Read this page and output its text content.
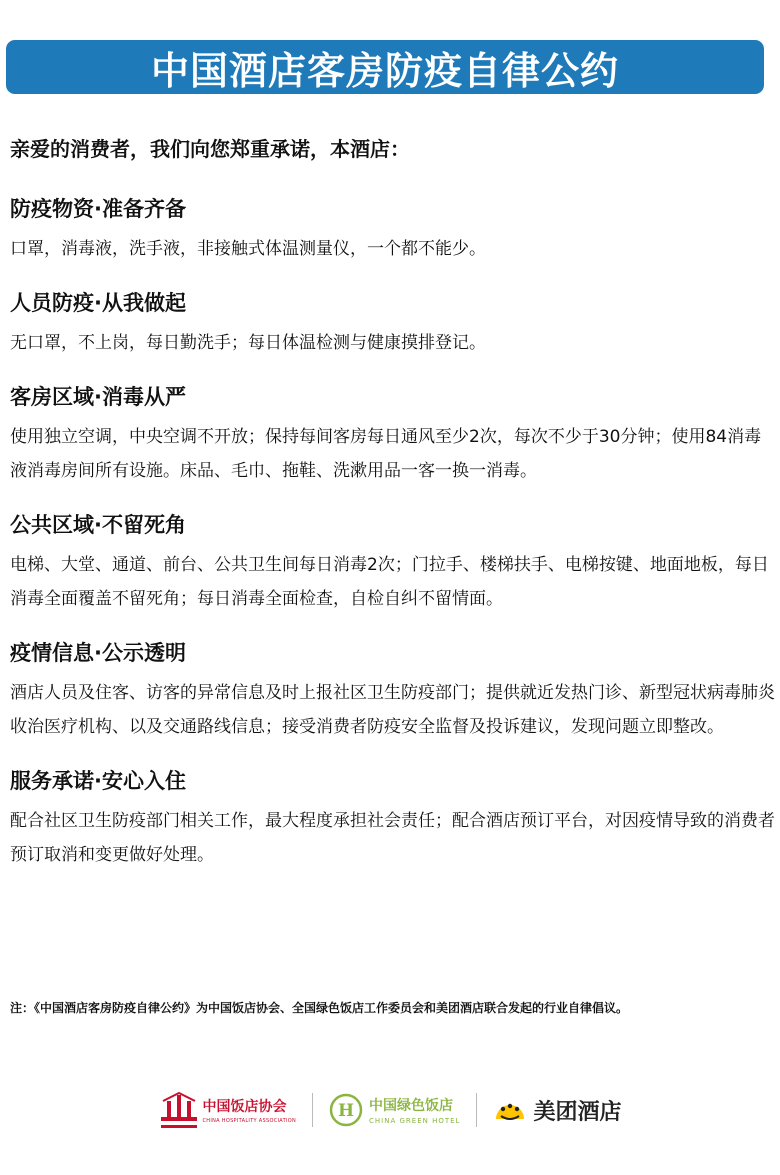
中国酒店客房防疫自律公约
亲爱的消费者，我们向您郑重承诺，本酒店：
防疫物资·准备齐备

口罩，消毒液，洗手液，非接触式体温测量仪，一个都不能少。

人员防疫·从我做起

无口罩，不上岗，每日勤洗手；每日体温检测与健康摸排登记。

客房区域·消毒从严

使用独立空调，中央空调不开放；保持每间客房每日通风至少2次，每次不少于30分钟；使用84消毒液消毒房间所有设施。床品、毛巾、拖鞋、洗漱用品一客一换一消毒。

公共区域·不留死角

电梯、大堂、通道、前台、公共卫生间每日消毒2次；门拉手、楼梯扶手、电梯按键、地面地板，每日消毒全面覆盖不留死角；每日消毒全面检查，自检自纠不留情面。

疫情信息·公示透明

酒店人员及住客、访客的异常信息及时上报社区卫生防疫部门；提供就近发热门诊、新型冠状病毒肺炎收治医疗机构、以及交通路线信息；接受消费者防疫安全监督及投诉建议，发现问题立即整改。

服务承诺·安心入住

配合社区卫生防疫部门相关工作，最大程度承担社会责任；配合酒店预订平台，对因疫情导致的消费者预订取消和变更做好处理。

注：《中国酒店客房防疫自律公约》为中国饭店协会、全国绿色饭店工作委员会和美团酒店联合发起的行业自律倡议。
中国饭店协会
CHINA HOSPITALITY ASSOCIATION H 中国绿色饭店
CHINA GREEN HOTEL	美团酒店
